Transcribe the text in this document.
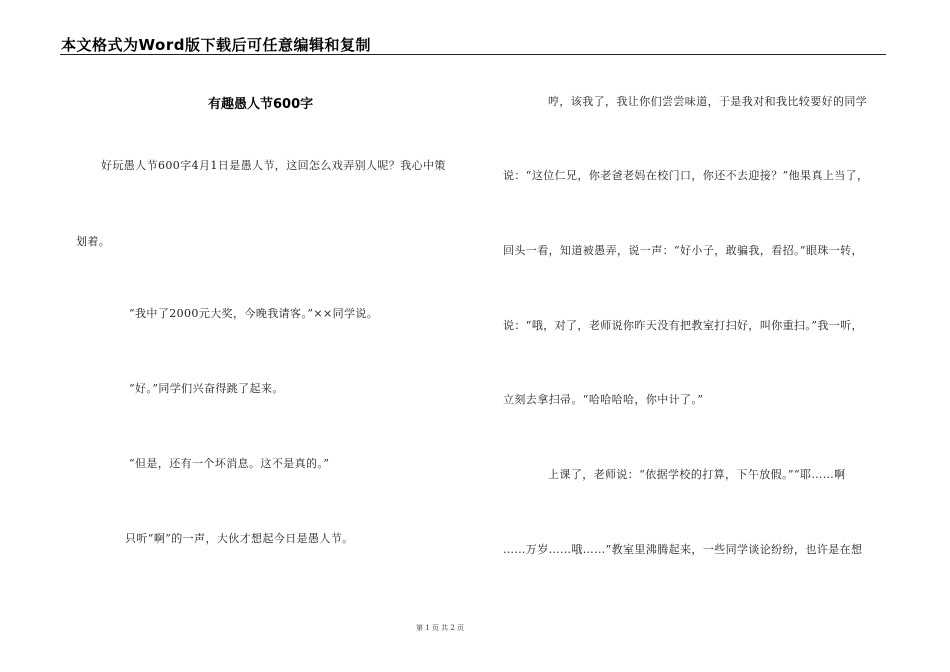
本文格式为Word版下载后可任意编辑和复制
有趣愚人节600字
好玩愚人节600字4月1日是愚人节，这回怎么戏弄别人呢？我心中策
划着。
“我中了2000元大奖，今晚我请客。”××同学说。
“好。”同学们兴奋得跳了起来。
“但是，还有一个坏消息。这不是真的。”
只听“啊”的一声，大伙才想起今日是愚人节。
哼，该我了，我让你们尝尝味道，于是我对和我比较要好的同学
说：“这位仁兄，你老爸老妈在校门口，你还不去迎接？”他果真上当了，
回头一看，知道被愚弄，说一声：“好小子，敢骗我，看招。”眼珠一转，
说：“哦，对了，老师说你昨天没有把教室打扫好，叫你重扫。”我一听，
立刻去拿扫帚。“哈哈哈哈，你中计了。”
上课了，老师说：“依据学校的打算，下午放假。”“耶……啊
……万岁……哦……”教室里沸腾起来，一些同学谈论纷纷，也许是在想
第 1 页 共 2 页
